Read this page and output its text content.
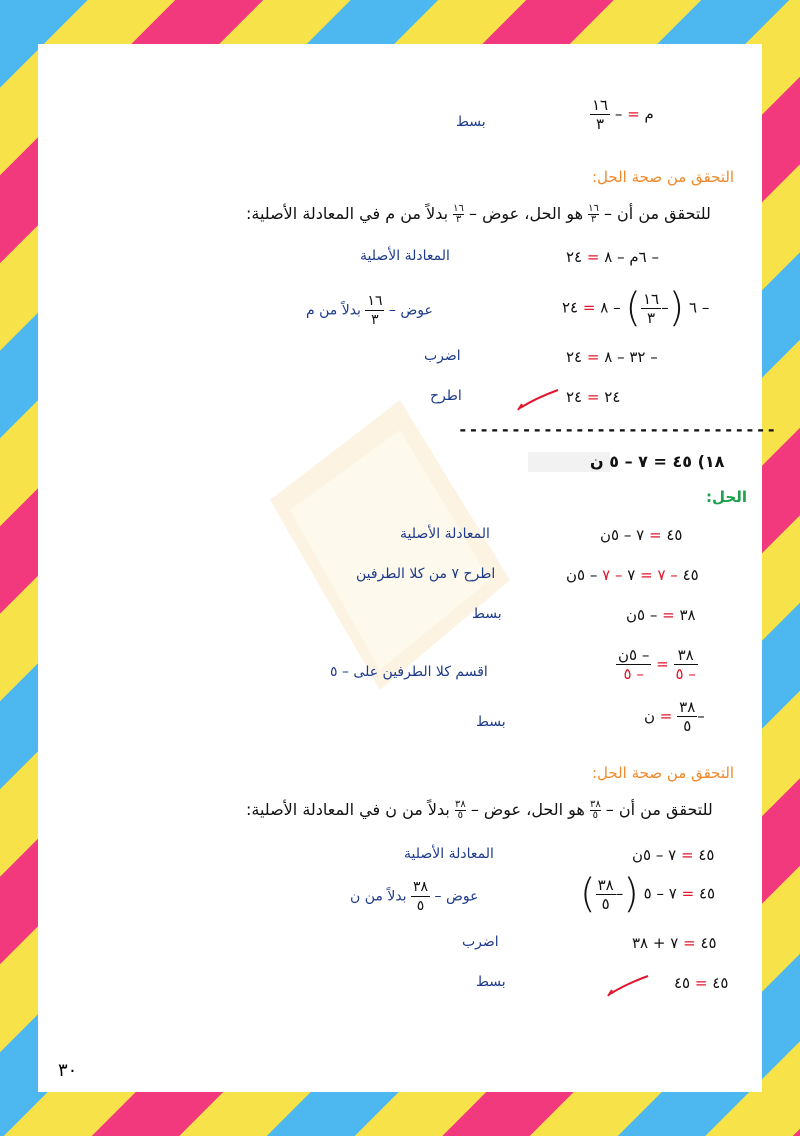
م = –
$\frac{١٦}{٣}$
بسط
التحقق من صحة الحل:
للتحقق من أن –
١٦
٣
هو الحل، عوض –
١٦
٣
بدلاً من م في المعادلة الأصلية:
– ٦م – ٨ = ٢٤
المعادلة الأصلية
– ٦ (–
$\frac{١٦}{٣}$
) – ٨ = ٢٤
عوض –
$\frac{١٦}{٣}$
بدلاً من م
– ٣٢ – ٨ = ٢٤
اضرب
٢٤ = ٢٤
اطرح
------------------------------
١٨) ٤٥ = ٧ – ٥ ن
الحل:
٤٥ = ٧ – ٥ن
المعادلة الأصلية
٤٥ – ٧ = ٧ – ٧ – ٥ن
اطرح ٧ من كلا الطرفين
٣٨ = – ٥ن
بسط
$\frac{٣٨}{- ٥}$
=
$\frac{\text{– ٥ن}}{- ٥}$
اقسم كلا الطرفين على – ٥
–
$\frac{٣٨}{٥}$
= ن
بسط
التحقق من صحة الحل:
للتحقق من أن –
٣٨
٥
هو الحل، عوض –
٣٨
٥
بدلاً من ن في المعادلة الأصلية:
٤٥ = ٧ – ٥ن
المعادلة الأصلية
٤٥ = ٧ – ٥ (–
$\frac{٣٨}{٥}$
)
عوض –
$\frac{٣٨}{٥}$
بدلاً من ن
٤٥ = ٧ + ٣٨
اضرب
٤٥ = ٤٥
بسط
٣٠
